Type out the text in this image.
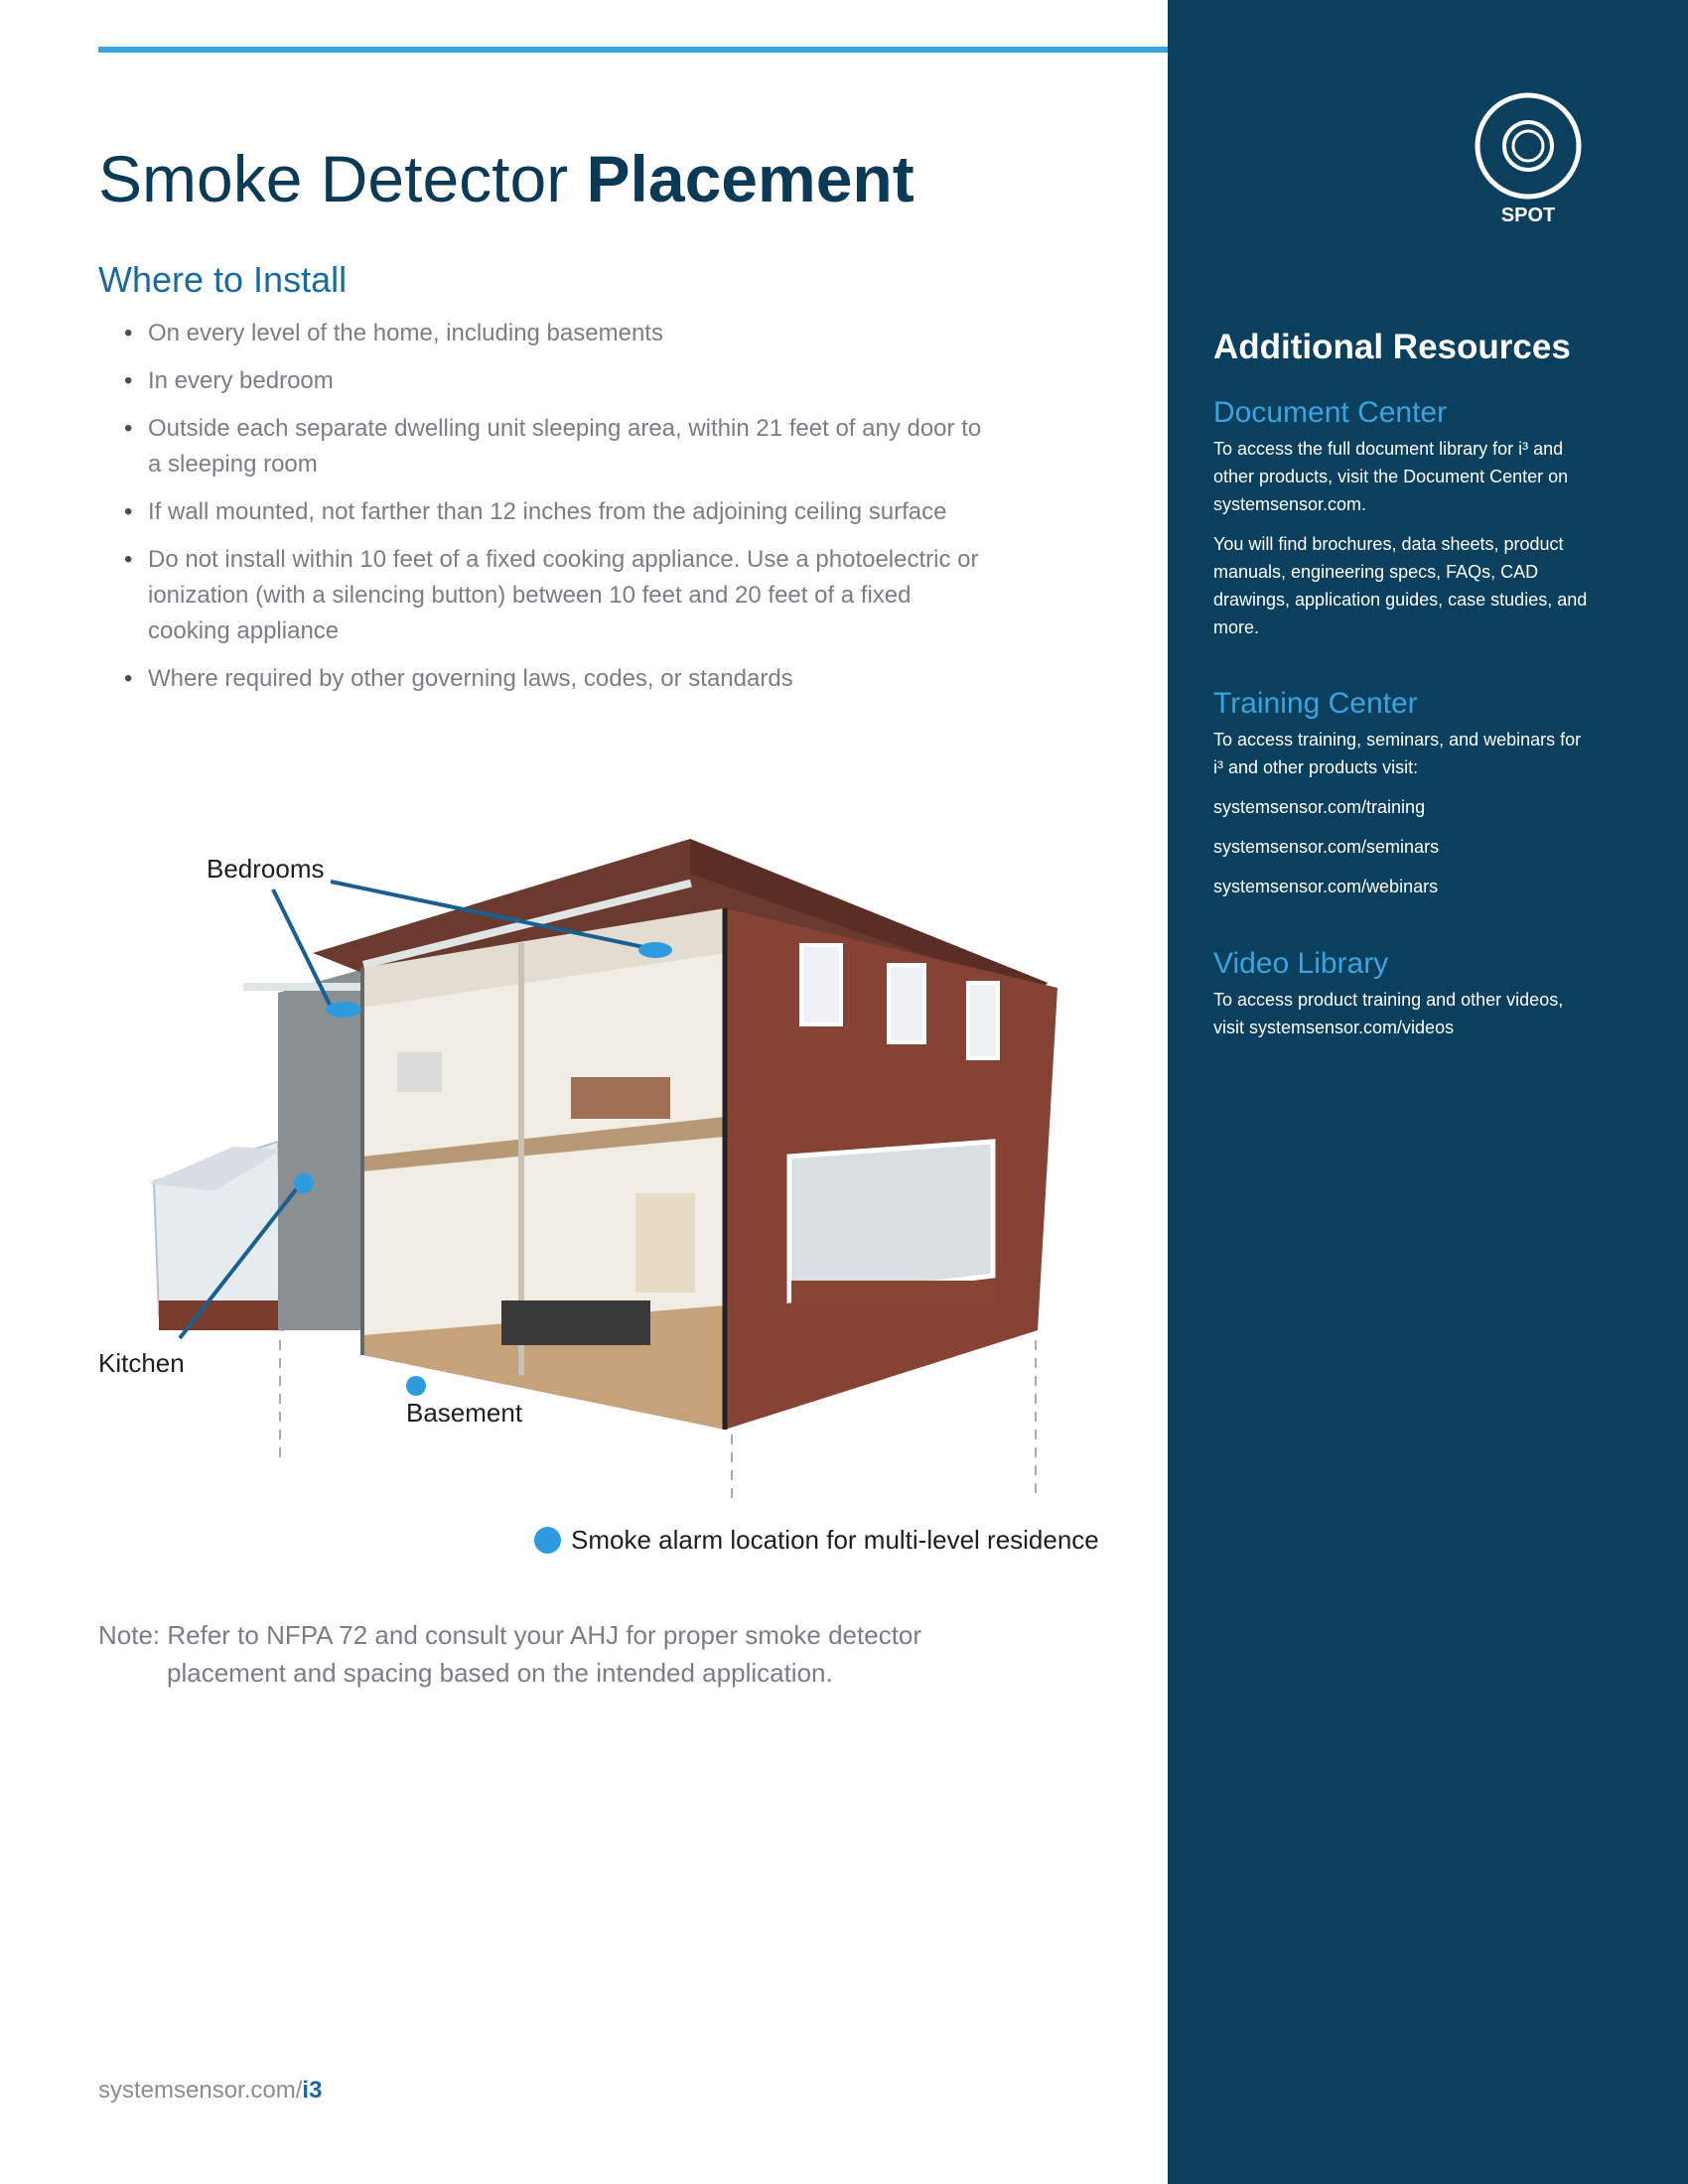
Smoke Detector Placement
Where to Install
• On every level of the home, including basements
• In every bedroom
• Outside each separate dwelling unit sleeping area, within 21 feet of any door to a sleeping room
• If wall mounted, not farther than 12 inches from the adjoining ceiling surface
• Do not install within 10 feet of a fixed cooking appliance. Use a photoelectric or ionization (with a silencing button) between 10 feet and 20 feet of a fixed cooking appliance
• Where required by other governing laws, codes, or standards
Bedrooms
Kitchen
Basement
Smoke alarm location for multi-level residence
Note: Refer to NFPA 72 and consult your AHJ for proper smoke detector
placement and spacing based on the intended application.
systemsensor.com/i3
SPOT
Additional Resources
Document Center

To access the full document library for i³ and other products, visit the Document Center on systemsensor.com.

You will find brochures, data sheets, product manuals, engineering specs, FAQs, CAD drawings, application guides, case studies, and more.

Training Center

To access training, seminars, and webinars for i³ and other products visit:

systemsensor.com/training
systemsensor.com/seminars
systemsensor.com/webinars
Video Library

To access product training and other videos, visit systemsensor.com/videos
